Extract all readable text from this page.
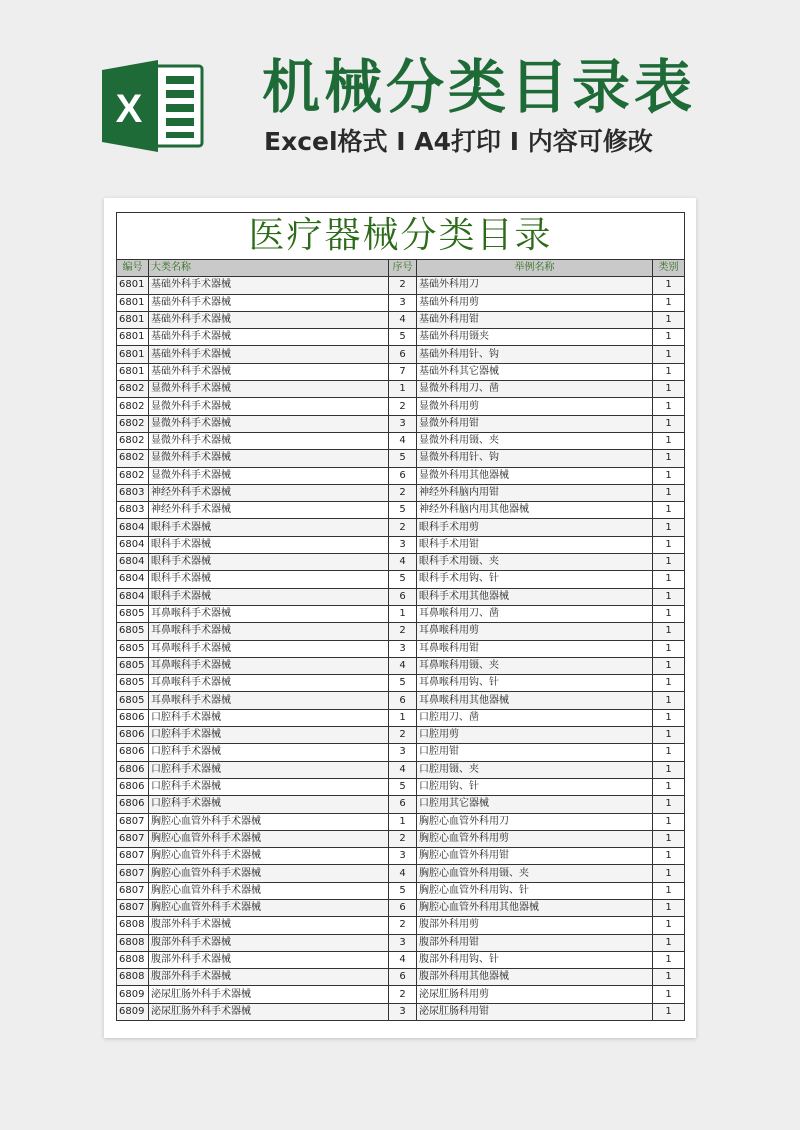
X 机械分类目录表
Excel格式 I A4打印 I 内容可修改
医疗器械分类目录				
编号	大类名称	序号	举例名称	类别
6801	基础外科手术器械	2	基础外科用刀	1
6801	基础外科手术器械	3	基础外科用剪	1
6801	基础外科手术器械	4	基础外科用钳	1
6801	基础外科手术器械	5	基础外科用镊夹	1
6801	基础外科手术器械	6	基础外科用针、钩	1
6801	基础外科手术器械	7	基础外科其它器械	1
6802	显微外科手术器械	1	显微外科用刀、凿	1
6802	显微外科手术器械	2	显微外科用剪	1
6802	显微外科手术器械	3	显微外科用钳	1
6802	显微外科手术器械	4	显微外科用镊、夹	1
6802	显微外科手术器械	5	显微外科用针、钩	1
6802	显微外科手术器械	6	显微外科用其他器械	1
6803	神经外科手术器械	2	神经外科脑内用钳	1
6803	神经外科手术器械	5	神经外科脑内用其他器械	1
6804	眼科手术器械	2	眼科手术用剪	1
6804	眼科手术器械	3	眼科手术用钳	1
6804	眼科手术器械	4	眼科手术用镊、夹	1
6804	眼科手术器械	5	眼科手术用钩、针	1
6804	眼科手术器械	6	眼科手术用其他器械	1
6805	耳鼻喉科手术器械	1	耳鼻喉科用刀、凿	1
6805	耳鼻喉科手术器械	2	耳鼻喉科用剪	1
6805	耳鼻喉科手术器械	3	耳鼻喉科用钳	1
6805	耳鼻喉科手术器械	4	耳鼻喉科用镊、夹	1
6805	耳鼻喉科手术器械	5	耳鼻喉科用钩、针	1
6805	耳鼻喉科手术器械	6	耳鼻喉科用其他器械	1
6806	口腔科手术器械	1	口腔用刀、凿	1
6806	口腔科手术器械	2	口腔用剪	1
6806	口腔科手术器械	3	口腔用钳	1
6806	口腔科手术器械	4	口腔用镊、夹	1
6806	口腔科手术器械	5	口腔用钩、针	1
6806	口腔科手术器械	6	口腔用其它器械	1
6807	胸腔心血管外科手术器械	1	胸腔心血管外科用刀	1
6807	胸腔心血管外科手术器械	2	胸腔心血管外科用剪	1
6807	胸腔心血管外科手术器械	3	胸腔心血管外科用钳	1
6807	胸腔心血管外科手术器械	4	胸腔心血管外科用镊、夹	1
6807	胸腔心血管外科手术器械	5	胸腔心血管外科用钩、针	1
6807	胸腔心血管外科手术器械	6	胸腔心血管外科用其他器械	1
6808	腹部外科手术器械	2	腹部外科用剪	1
6808	腹部外科手术器械	3	腹部外科用钳	1
6808	腹部外科手术器械	4	腹部外科用钩、针	1
6808	腹部外科手术器械	6	腹部外科用其他器械	1
6809	泌尿肛肠外科手术器械	2	泌尿肛肠科用剪	1
6809	泌尿肛肠外科手术器械	3	泌尿肛肠科用钳	1
